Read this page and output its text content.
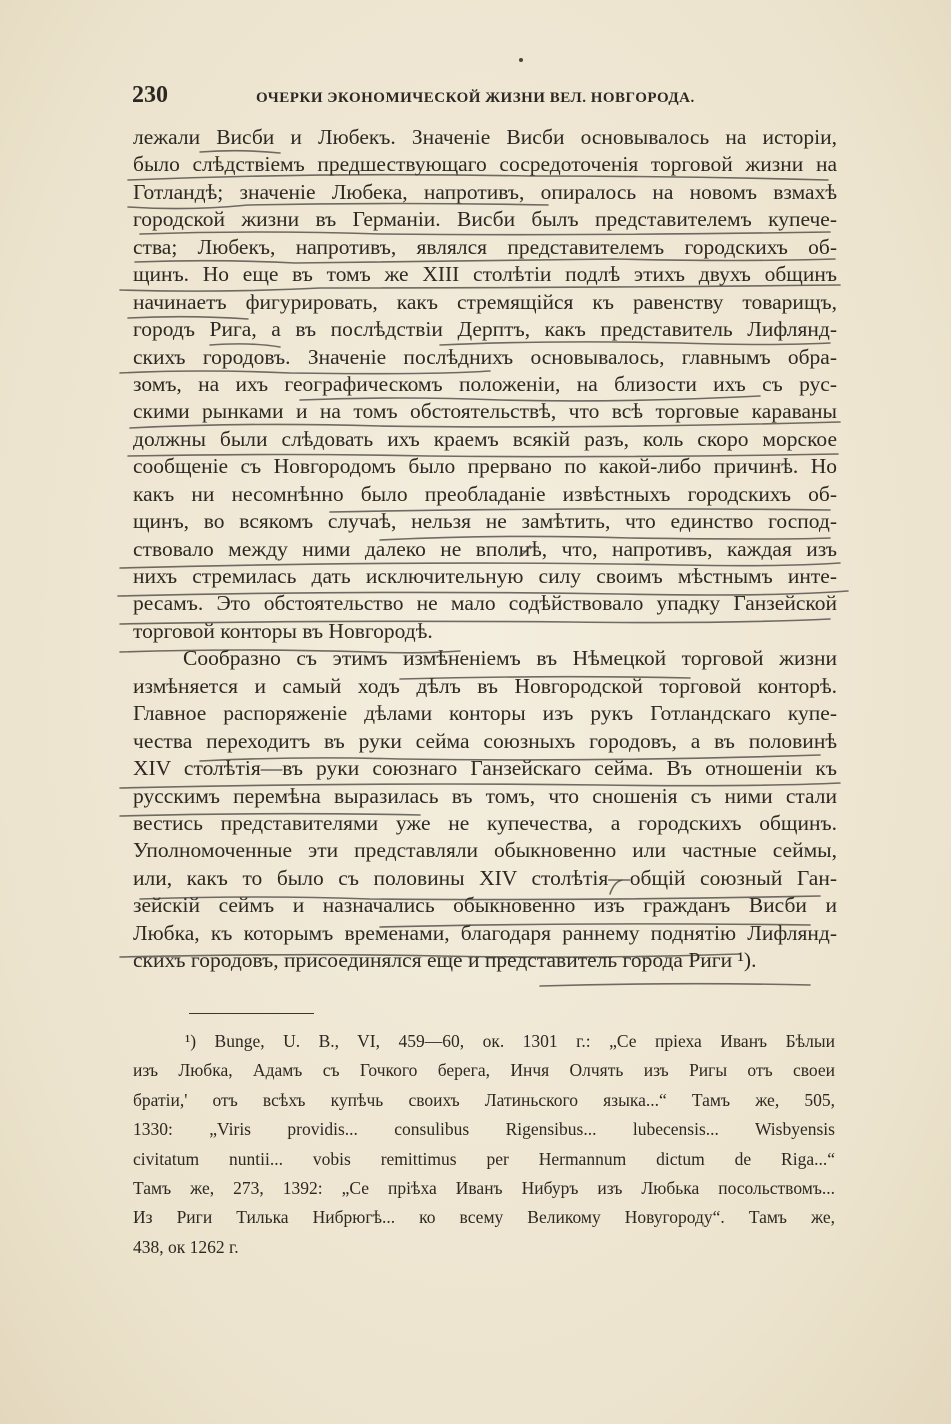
230	ОЧЕРКИ ЭКОНОМИЧЕСКОЙ ЖИЗНИ ВЕЛ. НОВГОРОДА.
лежали Висби и Любекъ. Значеніе Висби основывалось на исторіи,
было слѣдствіемъ предшествующаго сосредоточенія торговой жизни на
Готландѣ; значеніе Любека, напротивъ, опиралось на новомъ взмахѣ
городской жизни въ Германіи. Висби былъ представителемъ купече-
ства; Любекъ, напротивъ, являлся представителемъ городскихъ об-
щинъ. Но еще въ томъ же XIII столѣтіи подлѣ этихъ двухъ общинъ
начинаетъ фигурировать, какъ стремящійся къ равенству товарищъ,
городъ Рига, а въ послѣдствіи Дерптъ, какъ представитель Лифлянд-
скихъ городовъ. Значеніе послѣднихъ основывалось, главнымъ обра-
зомъ, на ихъ географическомъ положеніи, на близости ихъ съ рус-
скими рынками и на томъ обстоятельствѣ, что всѣ торговые караваны
должны были слѣдовать ихъ краемъ всякій разъ, коль скоро морское
сообщеніе съ Новгородомъ было прервано по какой-либо причинѣ. Но
какъ ни несомнѣнно было преобладаніе извѣстныхъ городскихъ об-
щинъ, во всякомъ случаѣ, нельзя не замѣтить, что единство господ-
ствовало между ними далеко не вполнѣ, что, напротивъ, каждая изъ
нихъ стремилась дать исключительную силу своимъ мѣстнымъ инте-
ресамъ. Это обстоятельство не мало содѣйствовало упадку Ганзейской
торговой конторы въ Новгородѣ.
Сообразно съ этимъ измѣненіемъ въ Нѣмецкой торговой жизни
измѣняется и самый ходъ дѣлъ въ Новгородской торговой конторѣ.
Главное распоряженіе дѣлами конторы изъ рукъ Готландскаго купе-
чества переходитъ въ руки сейма союзныхъ городовъ, а въ половинѣ
XIV столѣтія—въ руки союзнаго Ганзейскаго сейма. Въ отношеніи къ
русскимъ перемѣна выразилась въ томъ, что сношенія съ ними стали
вестись представителями уже не купечества, а городскихъ общинъ.
Уполномоченные эти представляли обыкновенно или частные сеймы,
или, какъ то было съ половины XIV столѣтія—общій союзный Ган-
зейскій сеймъ и назначались обыкновенно изъ гражданъ Висби и
Любка, къ которымъ временами, благодаря раннему поднятію Лифлянд-
скихъ городовъ, присоединялся еще и представитель города Риги ¹).
¹) Bunge, U. B., VI, 459—60, ок. 1301 г.: „Се пріеха Иванъ Бѣлыи
изъ Любка, Адамъ съ Гочкого берега, Инчя Олчять изъ Ригы отъ своеи
братіи,' отъ всѣхъ купѣчь своихъ Латиньского языка...“ Тамъ же, 505,
1330: „Viris providis... consulibus Rigensibus... lubecensis... Wisbyensis
civitatum nuntii... vobis remittimus per Hermannum dictum de Riga...“
Тамъ же, 273, 1392: „Се пріѣха Иванъ Нибуръ изъ Любька посольствомъ...
Из Риги Тилька Нибрюгѣ... ко всему Великому Новугороду“. Тамъ же,
438, ок 1262 г.
